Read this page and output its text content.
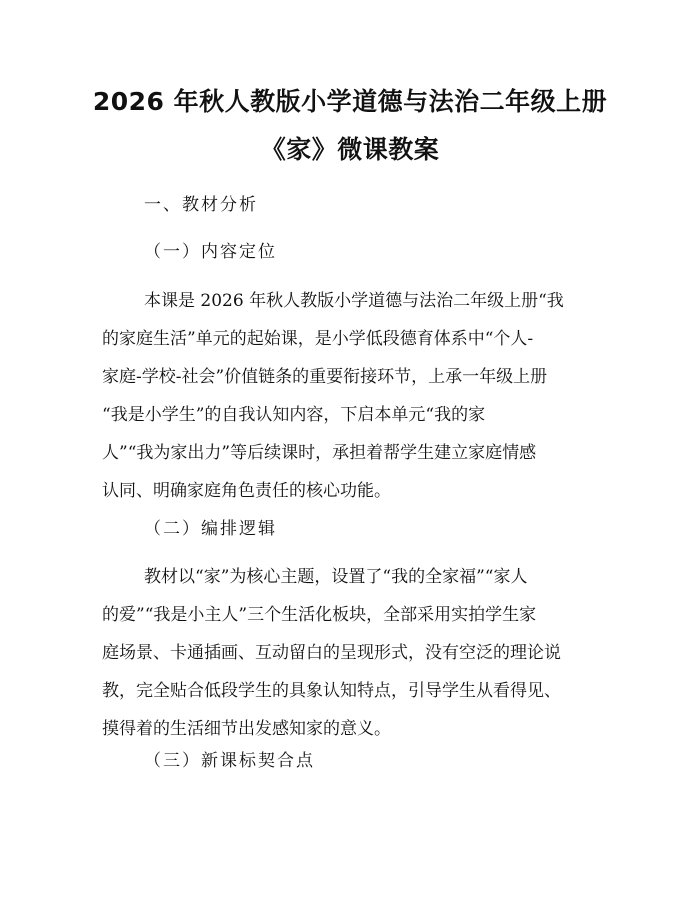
2026 年秋人教版小学道德与法治二年级上册
《家》微课教案
一、教材分析
（一）内容定位
本课是 2026 年秋人教版小学道德与法治二年级上册“我
的家庭生活”单元的起始课，是小学低段德育体系中“个人-
家庭-学校-社会”价值链条的重要衔接环节，上承一年级上册
“我是小学生”的自我认知内容，下启本单元“我的家
人”“我为家出力”等后续课时，承担着帮学生建立家庭情感
认同、明确家庭角色责任的核心功能。
（二）编排逻辑
教材以“家”为核心主题，设置了“我的全家福”“家人
的爱”“我是小主人”三个生活化板块，全部采用实拍学生家
庭场景、卡通插画、互动留白的呈现形式，没有空泛的理论说
教，完全贴合低段学生的具象认知特点，引导学生从看得见、
摸得着的生活细节出发感知家的意义。
（三）新课标契合点
